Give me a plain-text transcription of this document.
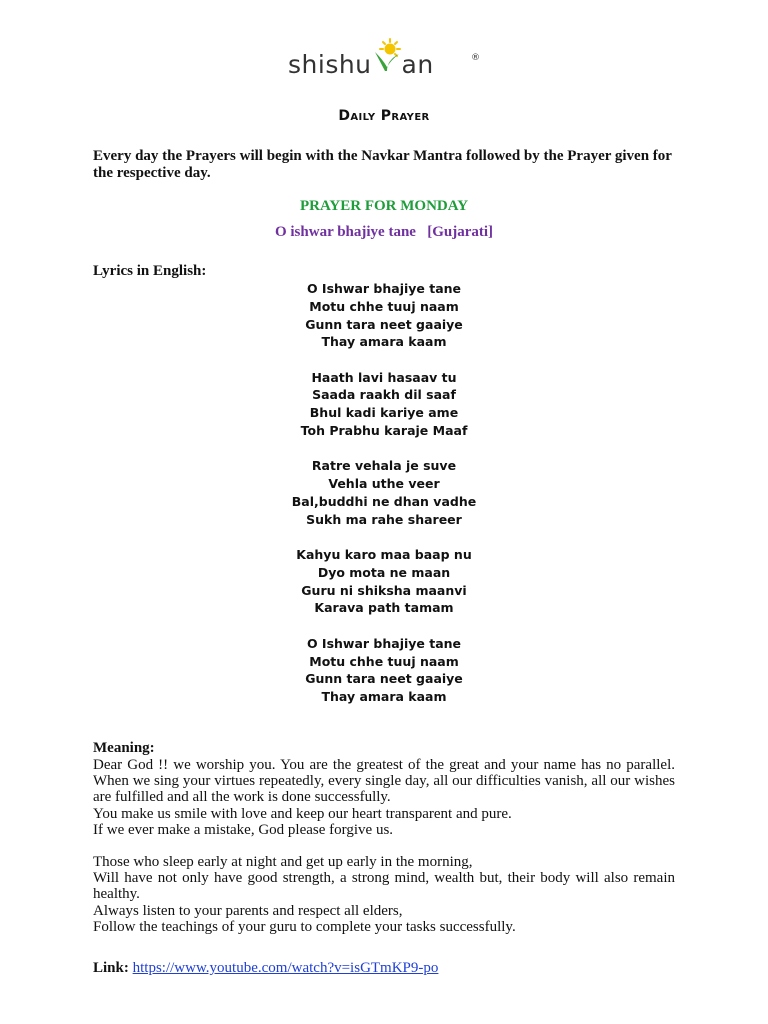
shishu an	®
Daily Prayer
Every day the Prayers will begin with the Navkar Mantra followed by the Prayer given for the respective day.
PRAYER FOR MONDAY
O ishwar bhajiye tane   [Gujarati]
Lyrics in English:
O Ishwar bhajiye tane
Motu chhe tuuj naam
Gunn tara neet gaaiye
Thay amara kaam
Haath lavi hasaav tu
Saada raakh dil saaf
Bhul kadi kariye ame
Toh Prabhu karaje Maaf
Ratre vehala je suve
Vehla uthe veer
Bal,buddhi ne dhan vadhe
Sukh ma rahe shareer
Kahyu karo maa baap nu
Dyo mota ne maan
Guru ni shiksha maanvi
Karava path tamam
O Ishwar bhajiye tane
Motu chhe tuuj naam
Gunn tara neet gaaiye
Thay amara kaam
Meaning:

Dear God !! we worship you. You are the greatest of the great and your name has no parallel. When we sing your virtues repeatedly, every single day, all our difficulties vanish, all our wishes are fulfilled and all the work is done successfully.

You make us smile with love and keep our heart transparent and pure.

If we ever make a mistake, God please forgive us.

Those who sleep early at night and get up early in the morning,

Will have not only have good strength, a strong mind, wealth but, their body will also remain healthy.

Always listen to your parents and respect all elders,

Follow the teachings of your guru to complete your tasks successfully.

Link: https://www.youtube.com/watch?v=isGTmKP9-po
